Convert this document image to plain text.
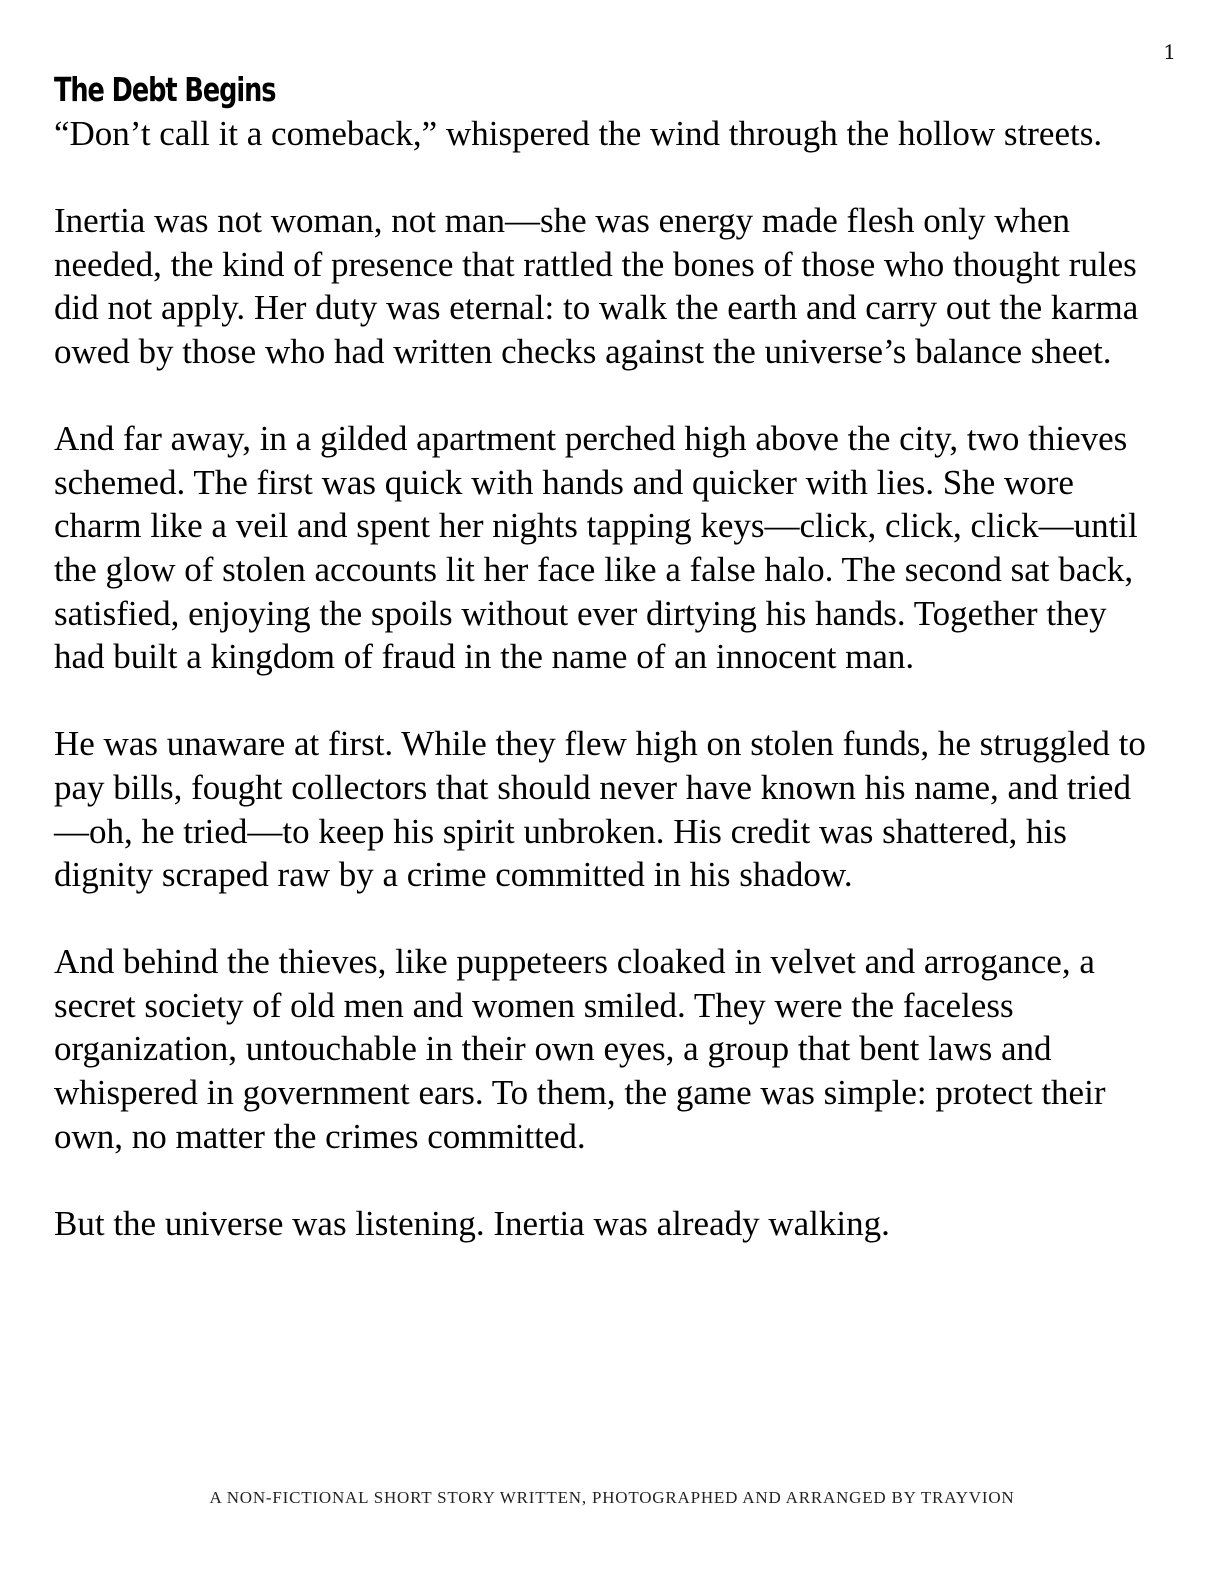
1
The Debt Begins

“Don’t call it a comeback,” whispered the wind through the hollow streets.

Inertia was not woman, not man—she was energy made flesh only when needed, the kind of presence that rattled the bones of those who thought rules did not apply. Her duty was eternal: to walk the earth and carry out the karma owed by those who had written checks against the universe’s balance sheet.

And far away, in a gilded apartment perched high above the city, two thieves schemed. The first was quick with hands and quicker with lies. She wore charm like a veil and spent her nights tapping keys—click, click, click—until the glow of stolen accounts lit her face like a false halo. The second sat back, satisfied, enjoying the spoils without ever dirtying his hands. Together they had built a kingdom of fraud in the name of an innocent man.

He was unaware at first. While they flew high on stolen funds, he struggled to pay bills, fought collectors that should never have known his name, and tried—oh, he tried—to keep his spirit unbroken. His credit was shattered, his dignity scraped raw by a crime committed in his shadow.

And behind the thieves, like puppeteers cloaked in velvet and arrogance, a secret society of old men and women smiled. They were the faceless organization, untouchable in their own eyes, a group that bent laws and whispered in government ears. To them, the game was simple: protect their own, no matter the crimes committed.

But the universe was listening. Inertia was already walking.

A NON-FICTIONAL SHORT STORY WRITTEN, PHOTOGRAPHED AND ARRANGED BY TRAYVION
